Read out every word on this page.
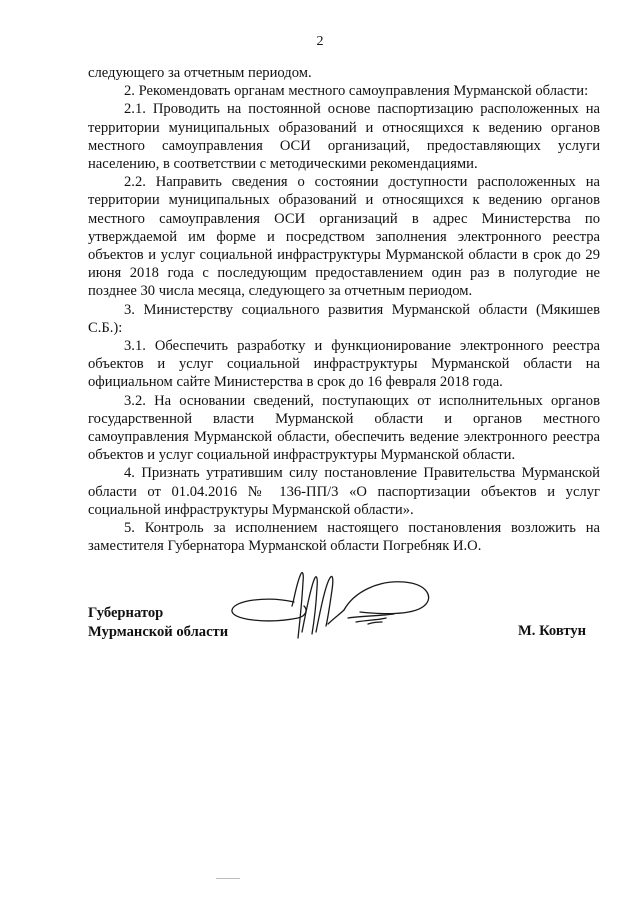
2

следующего за отчетным периодом.

2. Рекомендовать органам местного самоуправления Мурманской области:

2.1. Проводить на постоянной основе паспортизацию расположенных на территории муниципальных образований и относящихся к ведению органов местного самоуправления ОСИ организаций, предоставляющих услуги населению, в соответствии с методическими рекомендациями.

2.2. Направить сведения о состоянии доступности расположенных на территории муниципальных образований и относящихся к ведению органов местного самоуправления ОСИ организаций в адрес Министерства по утверждаемой им форме и посредством заполнения электронного реестра объектов и услуг социальной инфраструктуры Мурманской области в срок до 29 июня 2018 года с последующим предоставлением один раз в полугодие не позднее 30 числа месяца, следующего за отчетным периодом.

3. Министерству социального развития Мурманской области (Мякишев С.Б.):

3.1. Обеспечить разработку и функционирование электронного реестра объектов и услуг социальной инфраструктуры Мурманской области на официальном сайте Министерства в срок до 16 февраля 2018 года.

3.2. На основании сведений, поступающих от исполнительных органов государственной власти Мурманской области и органов местного самоуправления Мурманской области, обеспечить ведение электронного реестра объектов и услуг социальной инфраструктуры Мурманской области.

4. Признать утратившим силу постановление Правительства Мурманской области от 01.04.2016 № 136-ПП/3 «О паспортизации объектов и услуг социальной инфраструктуры Мурманской области».

5. Контроль за исполнением настоящего постановления возложить на заместителя Губернатора Мурманской области Погребняк И.О.

Губернатор
Мурманской области	М. Ковтун
